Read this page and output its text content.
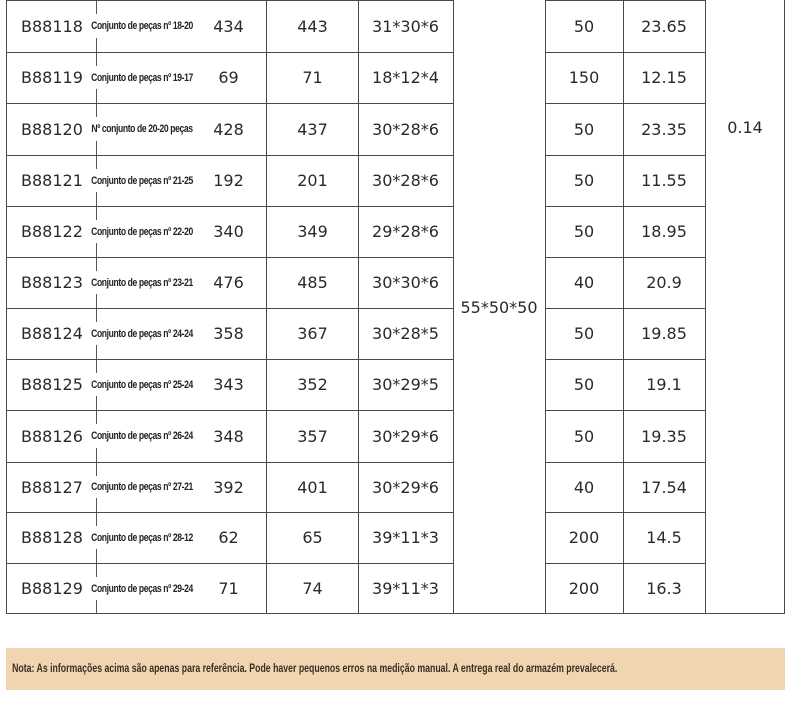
55*50*50
0.14
B88118 Conjunto de peças nº 18-20	434	443	31*30*6	50	23.65
B88119 Conjunto de peças nº 19-17	69	71	18*12*4	150	12.15
B88120 Nº conjunto de 20-20 peças	428	437	30*28*6	50	23.35
B88121 Conjunto de peças nº 21-25	192	201	30*28*6	50	11.55
B88122 Conjunto de peças nº 22-20	340	349	29*28*6	50	18.95
B88123 Conjunto de peças nº 23-21	476	485	30*30*6	40	20.9
B88124 Conjunto de peças nº 24-24	358	367	30*28*5	50	19.85
B88125 Conjunto de peças nº 25-24	343	352	30*29*5	50	19.1
B88126 Conjunto de peças nº 26-24	348	357	30*29*6	50	19.35
B88127 Conjunto de peças nº 27-21	392	401	30*29*6	40	17.54
B88128 Conjunto de peças nº 28-12	62	65	39*11*3	200	14.5
B88129 Conjunto de peças nº 29-24	71	74	39*11*3	200	16.3
Nota: As informações acima são apenas para referência. Pode haver pequenos erros na medição manual. A entrega real do armazém prevalecerá.
